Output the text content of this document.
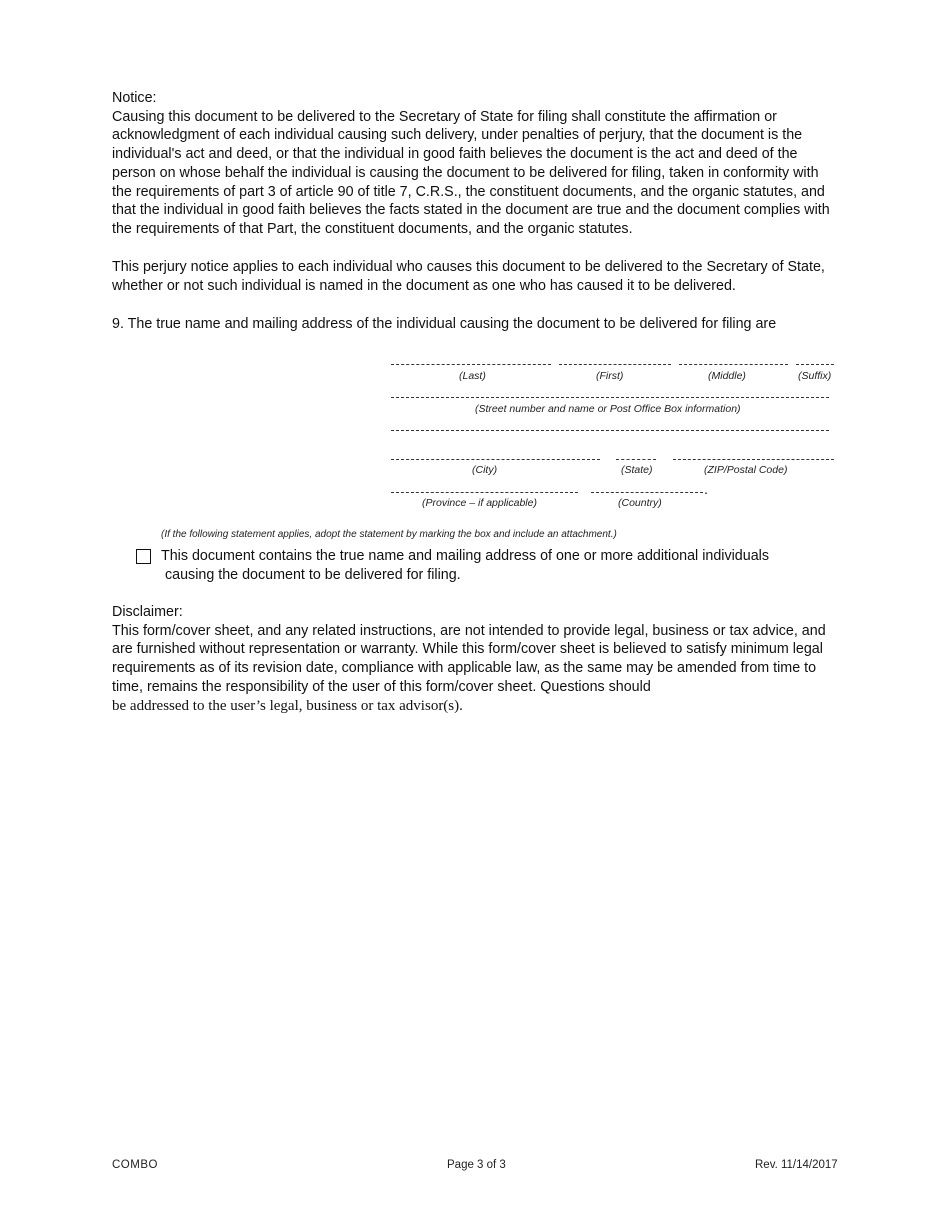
Notice:
Causing this document to be delivered to the Secretary of State for filing shall constitute the affirmation or acknowledgment of each individual causing such delivery, under penalties of perjury, that the document is the individual's act and deed, or that the individual in good faith believes the document is the act and deed of the person on whose behalf the individual is causing the document to be delivered for filing, taken in conformity with the requirements of part 3 of article 90 of title 7, C.R.S., the constituent documents, and the organic statutes, and that the individual in good faith believes the facts stated in the document are true and the document complies with the requirements of that Part, the constituent documents, and the organic statutes.
This perjury notice applies to each individual who causes this document to be delivered to the Secretary of State, whether or not such individual is named in the document as one who has caused it to be delivered.
9. The true name and mailing address of the individual causing the document to be delivered for filing are
(Last)	(First)	(Middle)	(Suffix)
(Street number and name or Post Office Box information)
(City)	(State)	(ZIP/Postal Code)
.
(Province – if applicable)	(Country)
(If the following statement applies, adopt the statement by marking the box and include an attachment.)
This document contains the true name and mailing address of one or more additional individuals
causing the document to be delivered for filing.
Disclaimer:
This form/cover sheet, and any related instructions, are not intended to provide legal, business or tax advice, and are furnished without representation or warranty. While this form/cover sheet is believed to satisfy minimum legal requirements as of its revision date, compliance with applicable law, as the same may be amended from time to time, remains the responsibility of the user of this form/cover sheet. Questions should
be addressed to the user’s legal, business or tax advisor(s).
COMBO	Page 3 of 3	Rev. 11/14/2017
